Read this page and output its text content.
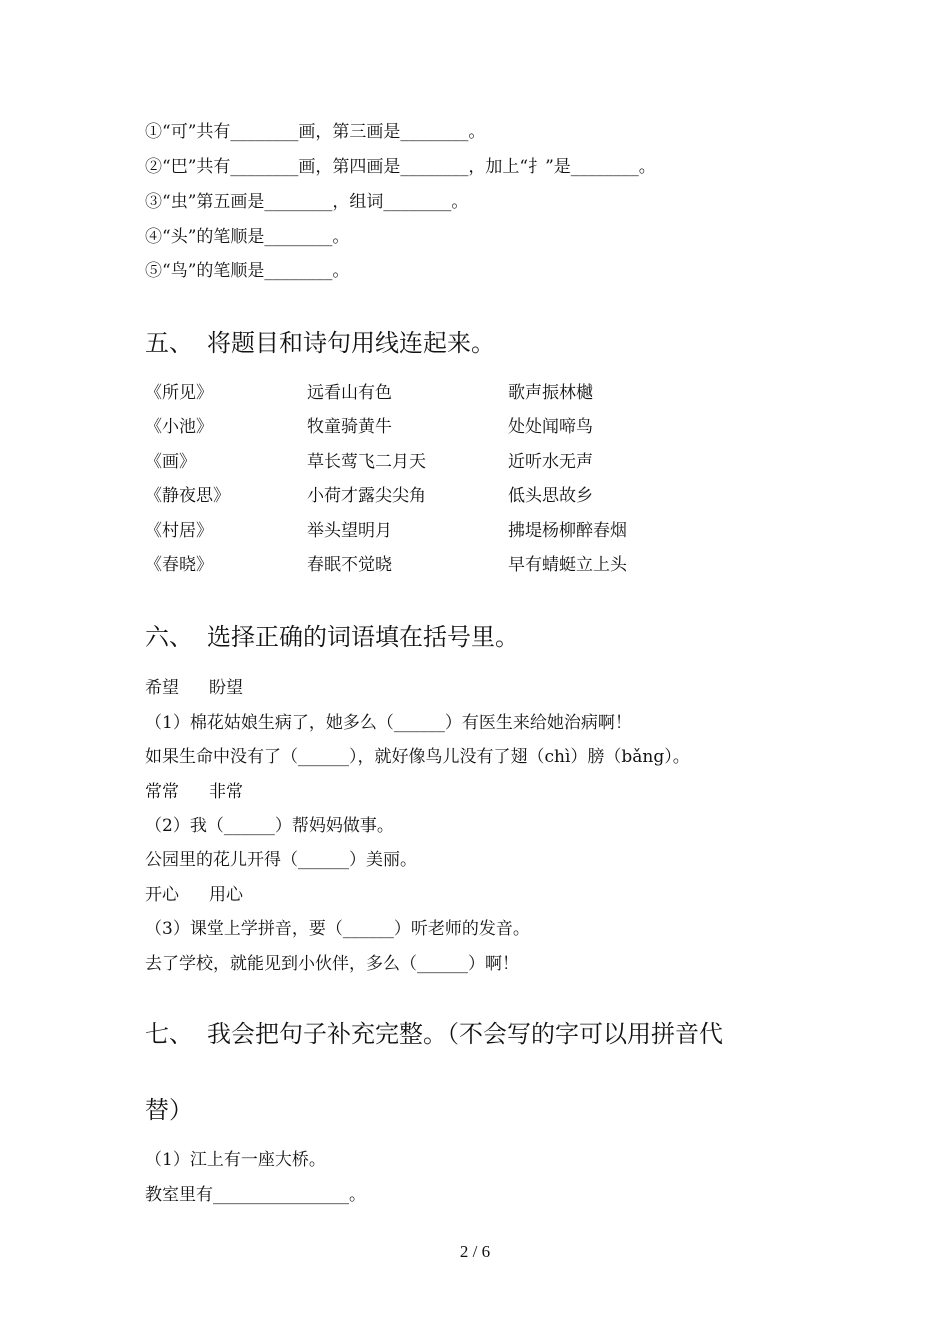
①“可”共有________画，第三画是________。
②“巴”共有________画，第四画是________，加上“扌”是________。
③“虫”第五画是________，组词________。
④“头”的笔顺是________。
⑤“鸟”的笔顺是________。
五、 将题目和诗句用线连起来。
《所见》	远看山有色	歌声振林樾
《小池》	牧童骑黄牛	处处闻啼鸟
《画》	草长莺飞二月天	近听水无声
《静夜思》	小荷才露尖尖角	低头思故乡
《村居》	举头望明月	拂堤杨柳醉春烟
《春晓》	春眠不觉晓	早有蜻蜓立上头
六、 选择正确的词语填在括号里。
希望 盼望
（1）棉花姑娘生病了，她多么（______）有医生来给她治病啊！
如果生命中没有了（______），就好像鸟儿没有了翅（chì）膀（bǎng）。
常常 非常
（2）我（______）帮妈妈做事。
公园里的花儿开得（______）美丽。
开心 用心
（3）课堂上学拼音，要（______）听老师的发音。
去了学校，就能见到小伙伴，多么（______）啊！
七、 我会把句子补充完整。（不会写的字可以用拼音代
替）
（1）江上有一座大桥。
教室里有________________。
2 / 6
